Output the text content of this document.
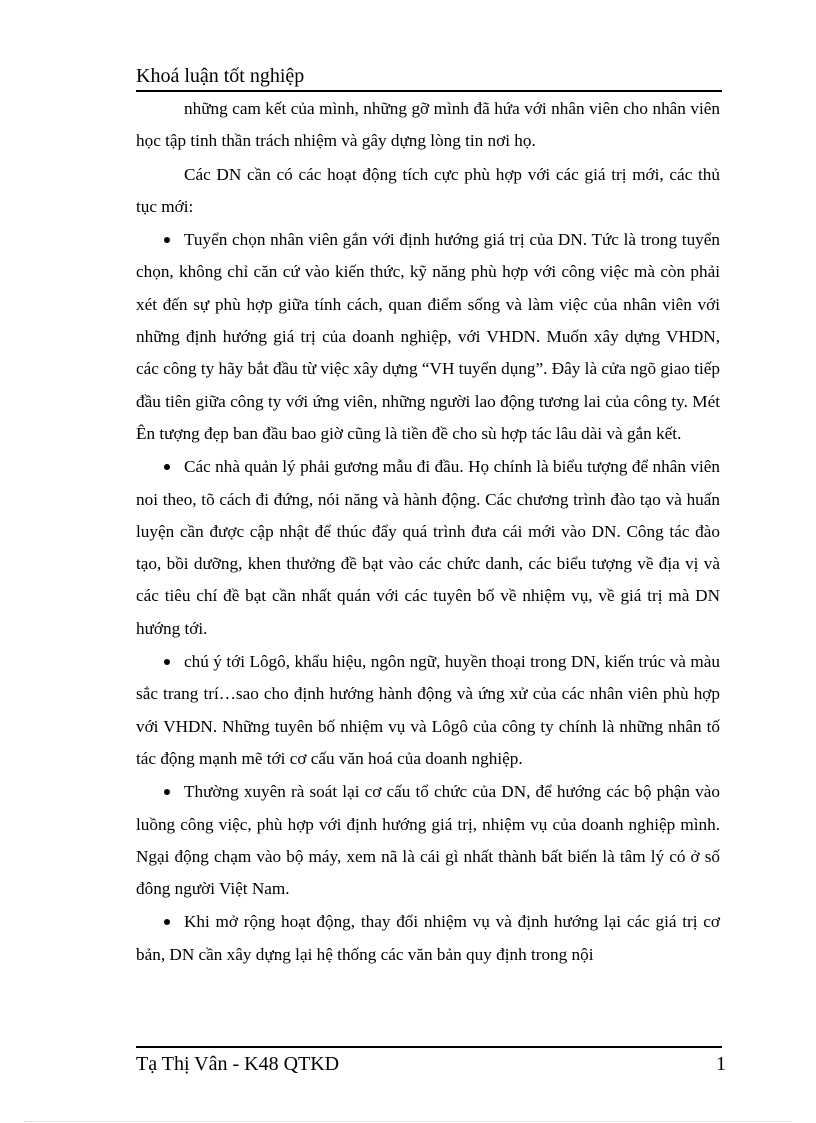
Khoá luận tốt nghiệp

những cam kết của mình, những gỡ mình đã hứa với nhân viên cho nhân viên học tập tinh thần trách nhiệm và gây dựng lòng tin nơi họ.

Các DN cần có các hoạt động tích cực phù hợp với các giá trị mới, các thủ tục mới:

Tuyển chọn nhân viên gắn với định hướng giá trị của DN. Tức là trong tuyển chọn, không chỉ căn cứ vào kiến thức, kỹ năng phù hợp với công việc mà còn phải xét đến sự phù hợp giữa tính cách, quan điểm sống và làm việc của nhân viên với những định hướng giá trị của doanh nghiệp, với VHDN. Muốn xây dựng VHDN, các công ty hãy bắt đầu từ việc xây dựng “VH tuyển dụng”. Đây là cửa ngõ giao tiếp đầu tiên giữa công ty với ứng viên, những người lao động tương lai của công ty. Mét Ên tượng đẹp ban đầu bao giờ cũng là tiền đề cho sù hợp tác lâu dài và gắn kết.

Các nhà quản lý phải gương mẫu đi đầu. Họ chính là biểu tượng để nhân viên noi theo, tõ cách đi đứng, nói năng và hành động. Các chương trình đào tạo và huấn luyện cần được cập nhật để thúc đẩy quá trình đưa cái mới vào DN. Công tác đào tạo, bồi dưỡng, khen thưởng đề bạt vào các chức danh, các biểu tượng về địa vị và các tiêu chí đề bạt cần nhất quán với các tuyên bố về nhiệm vụ, về giá trị mà DN hướng tới.

chú ý tới Lôgô, khẩu hiệu, ngôn ngữ, huyền thoại trong DN, kiến trúc và màu sắc trang trí…sao cho định hướng hành động và ứng xử của các nhân viên phù hợp với VHDN. Những tuyên bố nhiệm vụ và Lôgô của công ty chính là những nhân tố tác động mạnh mẽ tới cơ cấu văn hoá của doanh nghiệp.

Thường xuyên rà soát lại cơ cấu tổ chức của DN, để hướng các bộ phận vào luồng công việc, phù hợp với định hướng giá trị, nhiệm vụ của doanh nghiệp mình. Ngại động chạm vào bộ máy, xem nã là cái gì nhất thành bất biến là tâm lý có ở số đông người Việt Nam.

Khi mở rộng hoạt động, thay đổi nhiệm vụ và định hướng lại các giá trị cơ bản, DN cần xây dựng lại hệ thống các văn bản quy định trong nội

Tạ Thị Vân - K48 QTKD	1
